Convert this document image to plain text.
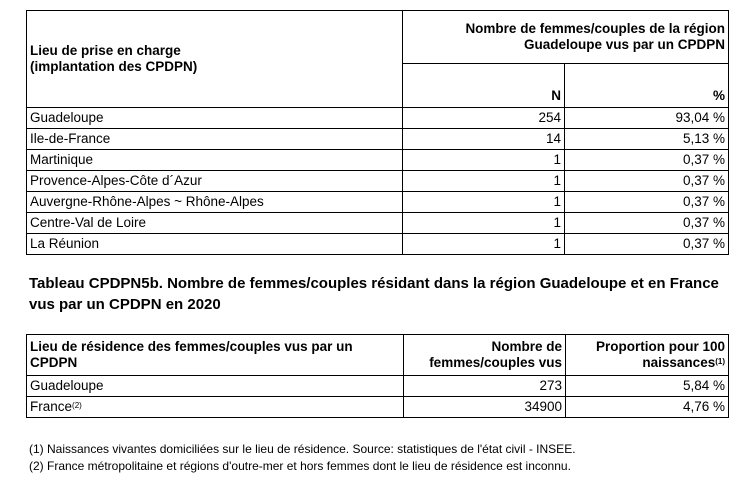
Lieu de prise en charge
(implantation des CPDPN)	Nombre de femmes/couples de la région Guadeloupe vus par un CPDPN	
	N	%
Guadeloupe	254	93,04 %
Ile-de-France	14	5,13 %
Martinique	1	0,37 %
Provence-Alpes-Côte d´Azur	1	0,37 %
Auvergne-Rhône-Alpes ~ Rhône-Alpes	1	0,37 %
Centre-Val de Loire	1	0,37 %
La Réunion	1	0,37 %
Tableau CPDPN5b. Nombre de femmes/couples résidant dans la région Guadeloupe et en France vus par un CPDPN en 2020
Lieu de résidence des femmes/couples vus par un CPDPN	Nombre de femmes/couples vus	Proportion pour 100 naissances$^{(1)}$
Guadeloupe	273	5,84 %
France$^{(2)}$	34900	4,76 %
(1) Naissances vivantes domiciliées sur le lieu de résidence. Source: statistiques de l'état civil - INSEE.
(2) France métropolitaine et régions d'outre-mer et hors femmes dont le lieu de résidence est inconnu.
